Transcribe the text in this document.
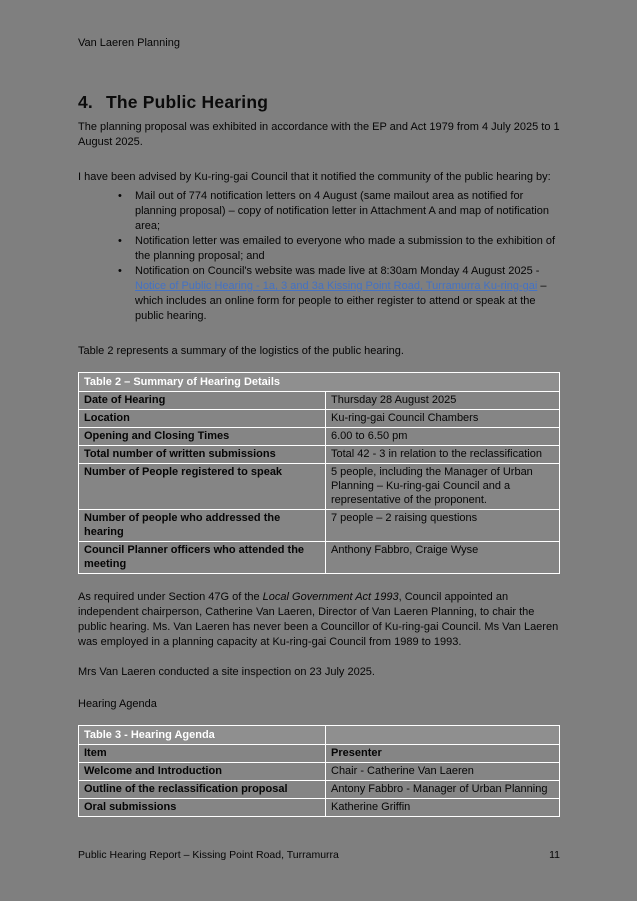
Van Laeren Planning
4. The Public Hearing

The planning proposal was exhibited in accordance with the EP and Act 1979 from 4 July 2025 to 1 August 2025.

I have been advised by Ku-ring-gai Council that it notified the community of the public hearing by:

• Mail out of 774 notification letters on 4 August (same mailout area as notified for planning proposal) – copy of notification letter in Attachment A and map of notification area;
• Notification letter was emailed to everyone who made a submission to the exhibition of the planning proposal; and
• Notification on Council's website was made live at 8:30am Monday 4 August 2025 - Notice of Public Hearing - 1a, 3 and 3a Kissing Point Road, Turramurra Ku-ring-gai – which includes an online form for people to either register to attend or speak at the public hearing.

Table 2 represents a summary of the logistics of the public hearing.

Table 2 – Summary of Hearing Details	
Date of Hearing	Thursday 28 August 2025
Location	Ku-ring-gai Council Chambers
Opening and Closing Times	6.00 to 6.50 pm
Total number of written submissions	Total 42 - 3 in relation to the reclassification
Number of People registered to speak	5 people, including the Manager of Urban Planning – Ku-ring-gai Council and a representative of the proponent.
Number of people who addressed the hearing	7 people – 2 raising questions
Council Planner officers who attended the meeting	Anthony Fabbro, Craige Wyse

As required under Section 47G of the Local Government Act 1993, Council appointed an independent chairperson, Catherine Van Laeren, Director of Van Laeren Planning, to chair the public hearing. Ms. Van Laeren has never been a Councillor of Ku-ring-gai Council. Ms Van Laeren was employed in a planning capacity at Ku-ring-gai Council from 1989 to 1993.

Mrs Van Laeren conducted a site inspection on 23 July 2025.

Hearing Agenda

Table 3 - Hearing Agenda	
Item	Presenter
Welcome and Introduction	Chair - Catherine Van Laeren
Outline of the reclassification proposal	Antony Fabbro - Manager of Urban Planning
Oral submissions	Katherine Griffin
Public Hearing Report – Kissing Point Road, Turramurra	11
